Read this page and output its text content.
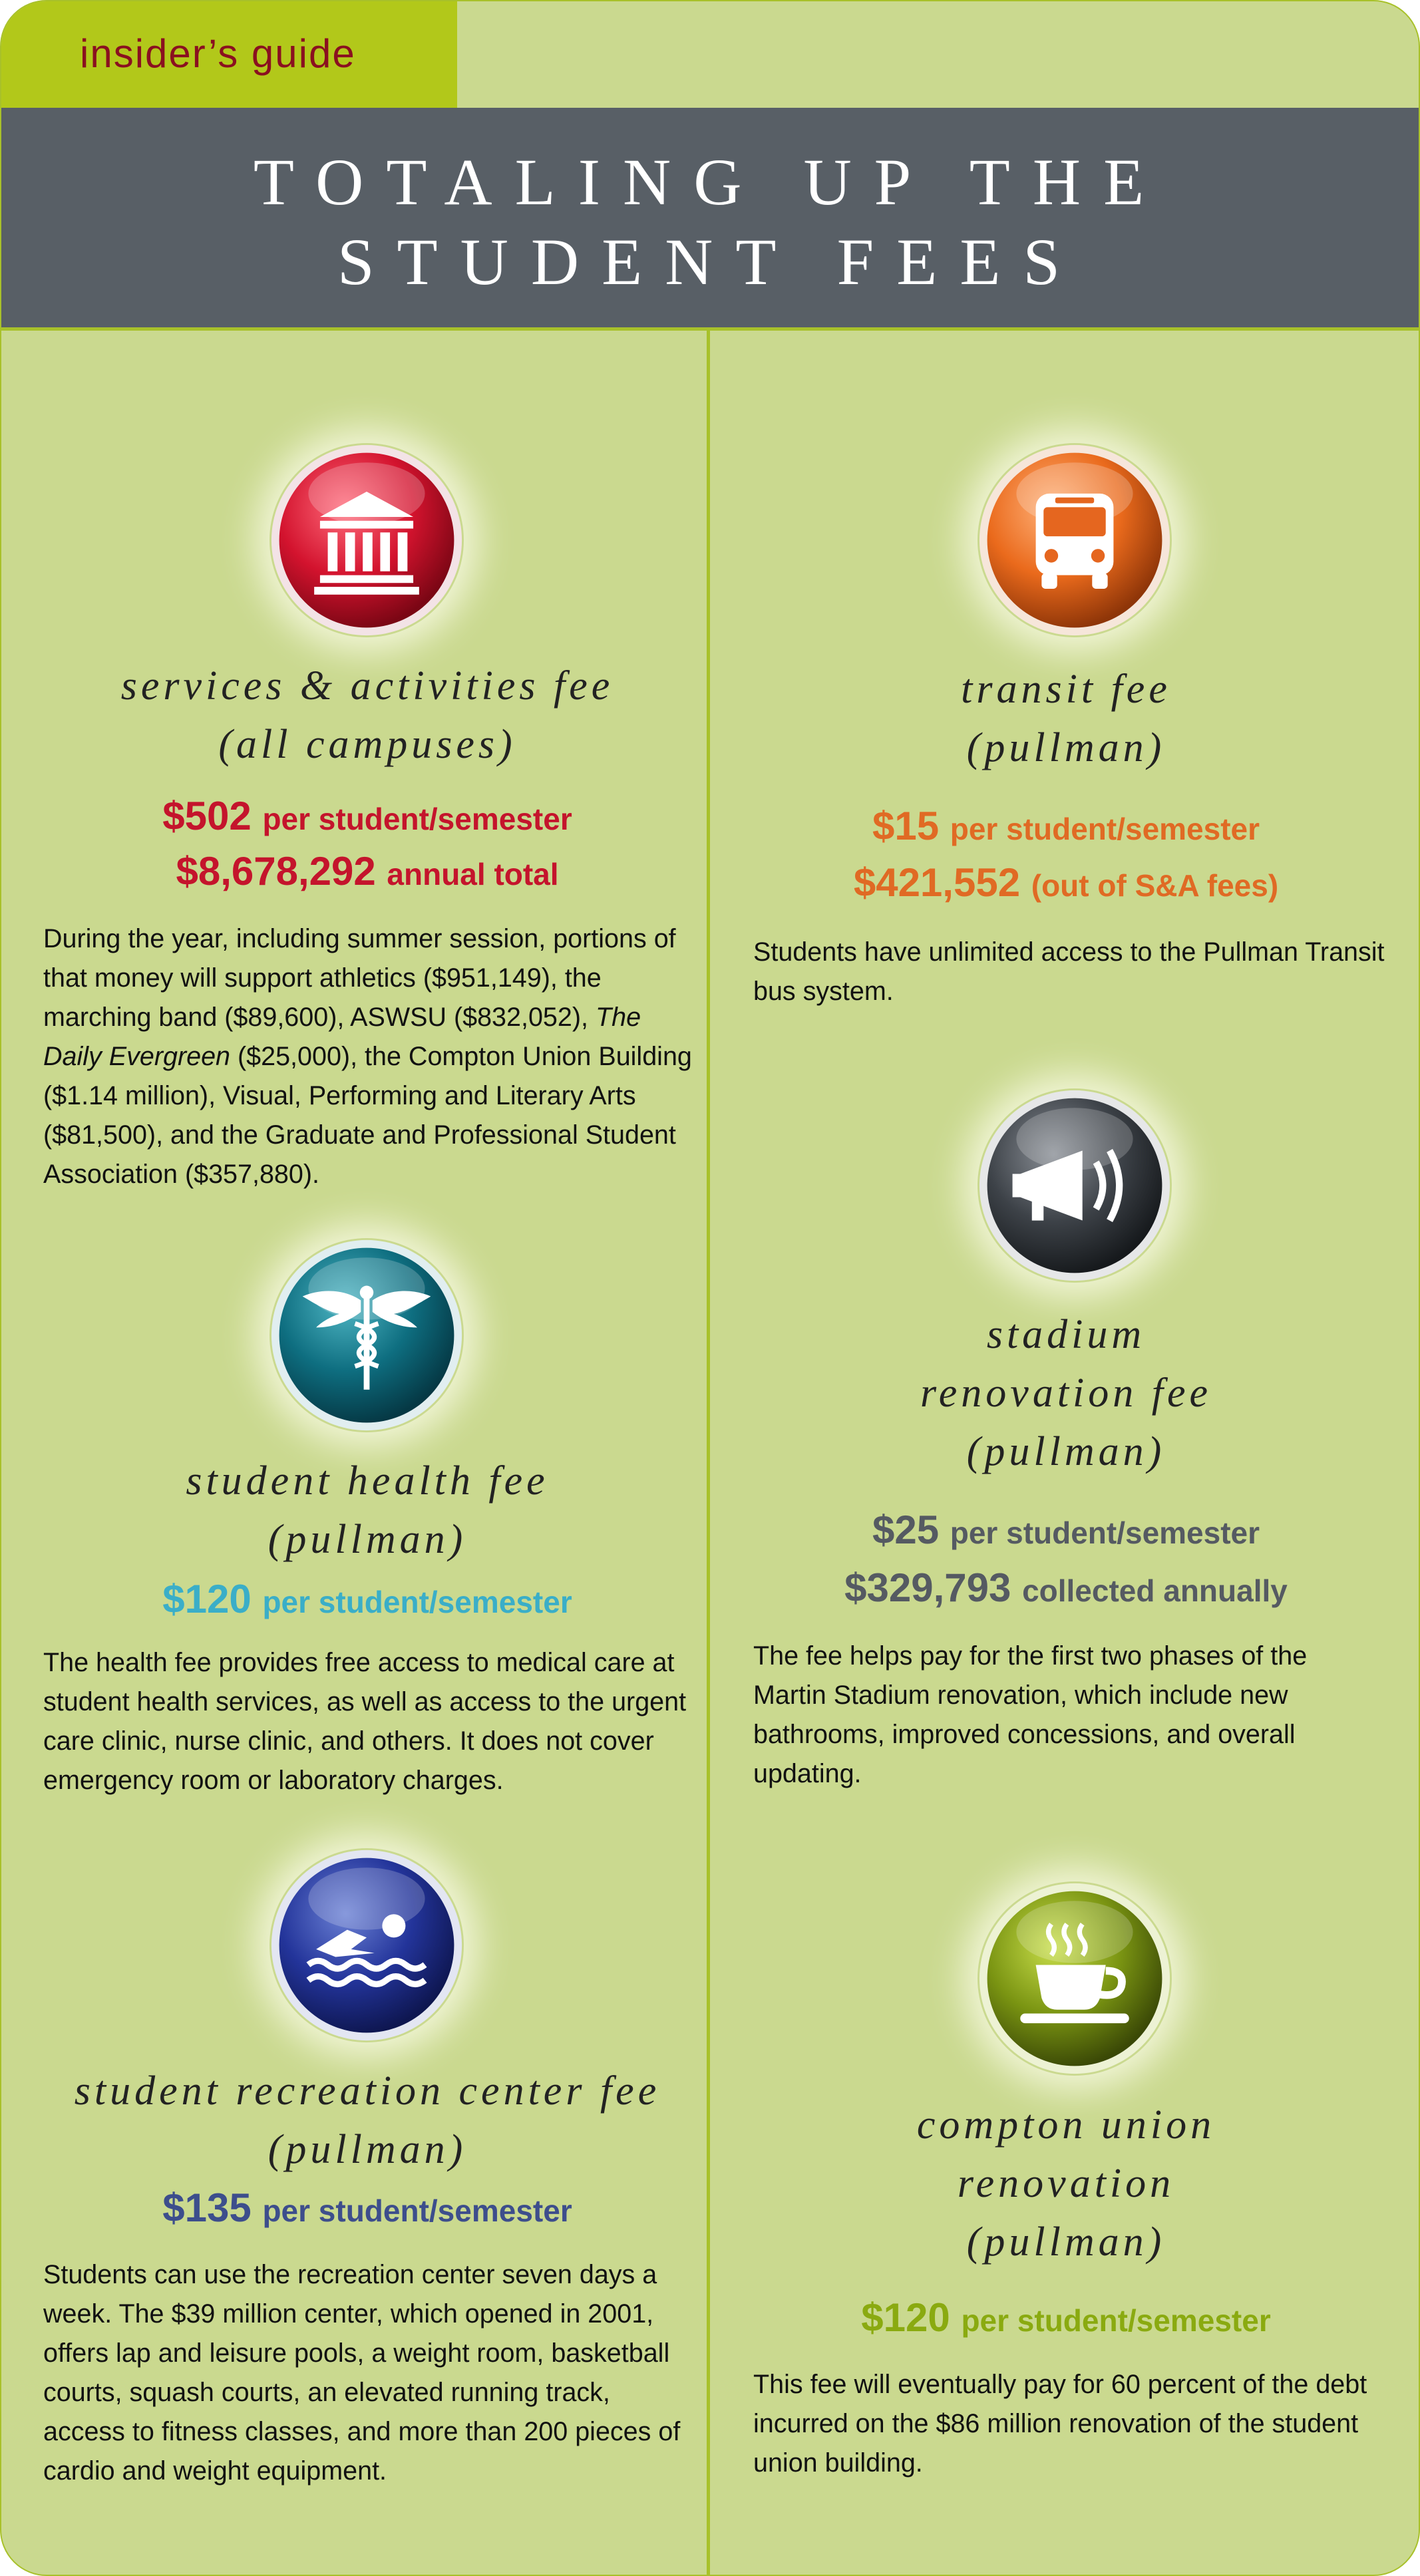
insider’s guide
TOTALING UP THE
STUDENT FEES
services & activities fee
(all campuses)
$502 per student/semester
$8,678,292 annual total
During the year, including summer session, portions of that money will support athletics ($951,149), the marching band ($89,600), ASWSU ($832,052), The Daily Evergreen ($25,000), the Compton Union Building ($1.14 million), Visual, Performing and Literary Arts ($81,500), and the Graduate and Professional Student Association ($357,880).
student health fee
(pullman)
$120 per student/semester
The health fee provides free access to medical care at student health services, as well as access to the urgent care clinic, nurse clinic, and others. It does not cover emergency room or laboratory charges.
student recreation center fee
(pullman)
$135 per student/semester
Students can use the recreation center seven days a week. The $39 million center, which opened in 2001, offers lap and leisure pools, a weight room, basketball courts, squash courts, an elevated running track, access to fitness classes, and more than 200 pieces of cardio and weight equipment.
transit fee
(pullman)
$15 per student/semester
$421,552 (out of S&A fees)
Students have unlimited access to the Pullman Transit bus system.
stadium
renovation fee
(pullman)
$25 per student/semester
$329,793 collected annually
The fee helps pay for the first two phases of the Martin Stadium renovation, which include new bathrooms, improved concessions, and overall updating.
compton union
renovation
(pullman)
$120 per student/semester
This fee will eventually pay for 60 percent of the debt incurred on the $86 million renovation of the student union building.
